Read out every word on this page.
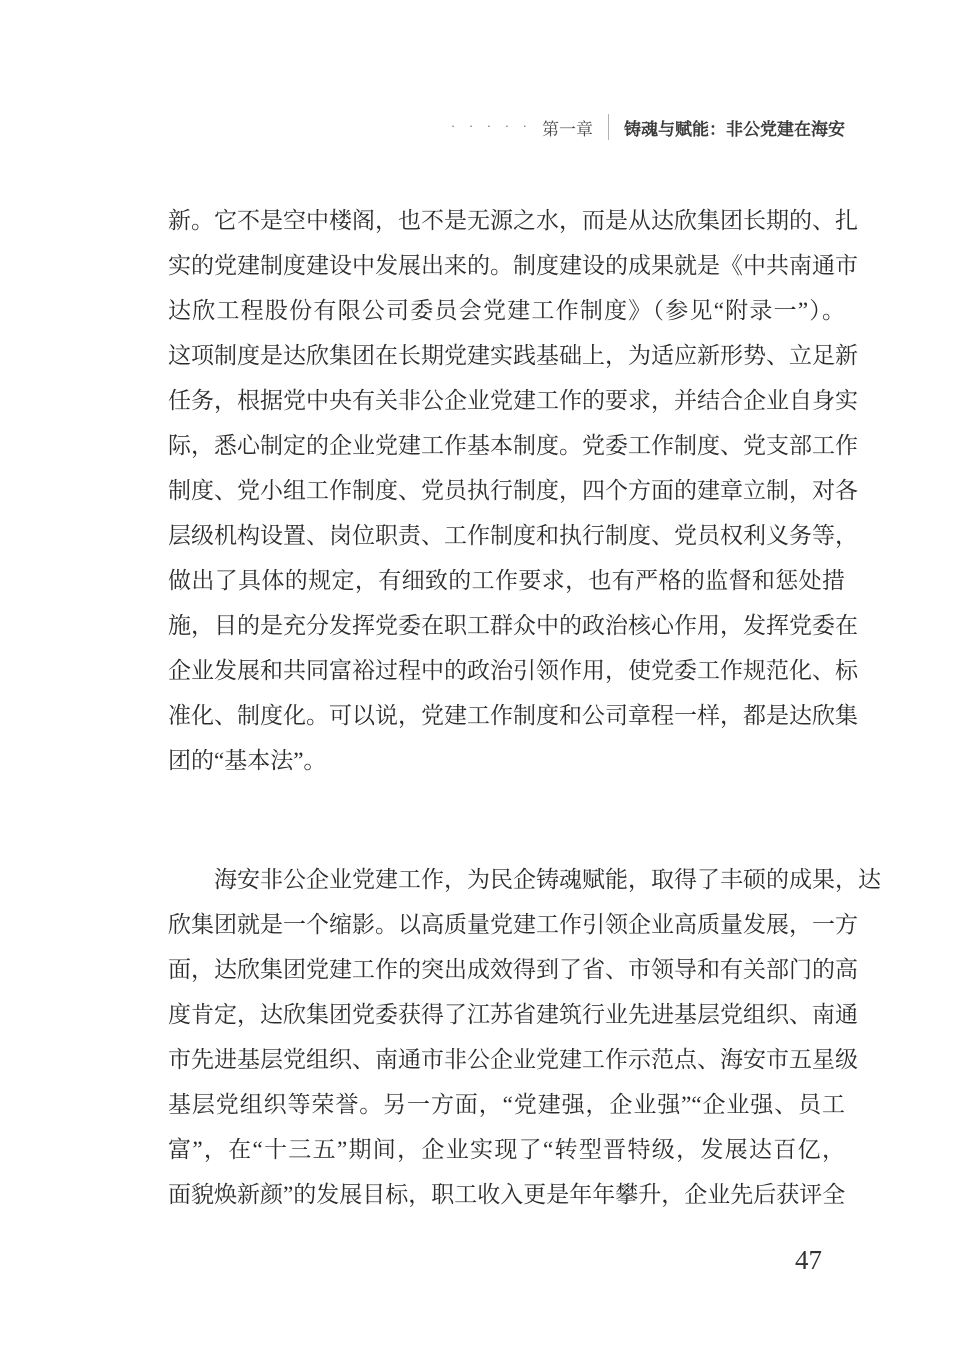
· · · · · 第一章 铸魂与赋能：非公党建在海安
新。它不是空中楼阁，也不是无源之水，而是从达欣集团长期的、扎
实的党建制度建设中发展出来的。制度建设的成果就是《中共南通市
达欣工程股份有限公司委员会党建工作制度》（参见“附录一”）。
这项制度是达欣集团在长期党建实践基础上，为适应新形势、立足新
任务，根据党中央有关非公企业党建工作的要求，并结合企业自身实
际，悉心制定的企业党建工作基本制度。党委工作制度、党支部工作
制度、党小组工作制度、党员执行制度，四个方面的建章立制，对各
层级机构设置、岗位职责、工作制度和执行制度、党员权利义务等，
做出了具体的规定，有细致的工作要求，也有严格的监督和惩处措
施，目的是充分发挥党委在职工群众中的政治核心作用，发挥党委在
企业发展和共同富裕过程中的政治引领作用，使党委工作规范化、标
准化、制度化。可以说，党建工作制度和公司章程一样，都是达欣集
团的“基本法”。
海安非公企业党建工作，为民企铸魂赋能，取得了丰硕的成果，达
欣集团就是一个缩影。以高质量党建工作引领企业高质量发展，一方
面，达欣集团党建工作的突出成效得到了省、市领导和有关部门的高
度肯定，达欣集团党委获得了江苏省建筑行业先进基层党组织、南通
市先进基层党组织、南通市非公企业党建工作示范点、海安市五星级
基层党组织等荣誉。另一方面，“党建强，企业强”“企业强、员工
富”，在“十三五”期间，企业实现了“转型晋特级，发展达百亿，
面貌焕新颜”的发展目标，职工收入更是年年攀升，企业先后获评全
47
